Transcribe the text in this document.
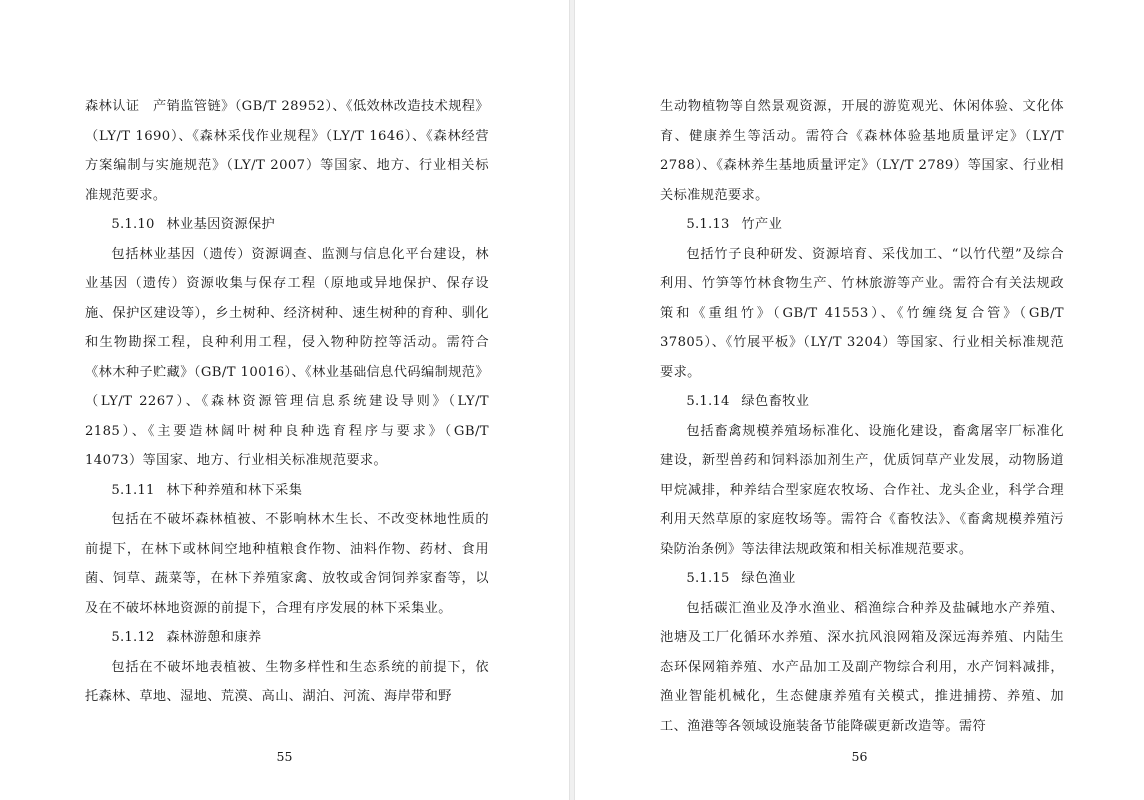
森林认证　产销监管链》（GB/T 28952）、《低效林改造技术规程》（LY/T 1690）、《森林采伐作业规程》（LY/T 1646）、《森林经营方案编制与实施规范》（LY/T 2007）等国家、地方、行业相关标准规范要求。

5.1.10 林业基因资源保护

包括林业基因（遗传）资源调查、监测与信息化平台建设，林业基因（遗传）资源收集与保存工程（原地或异地保护、保存设施、保护区建设等），乡土树种、经济树种、速生树种的育种、驯化和生物勘探工程，良种利用工程，侵入物种防控等活动。需符合《林木种子贮藏》（GB/T 10016）、《林业基础信息代码编制规范》（LY/T 2267）、《森林资源管理信息系统建设导则》（LY/T 2185）、《主要造林阔叶树种良种选育程序与要求》（GB/T 14073）等国家、地方、行业相关标准规范要求。

5.1.11 林下种养殖和林下采集

包括在不破坏森林植被、不影响林木生长、不改变林地性质的前提下，在林下或林间空地种植粮食作物、油料作物、药材、食用菌、饲草、蔬菜等，在林下养殖家禽、放牧或舍饲饲养家畜等，以及在不破坏林地资源的前提下，合理有序发展的林下采集业。

5.1.12 森林游憩和康养

包括在不破坏地表植被、生物多样性和生态系统的前提下，依托森林、草地、湿地、荒漠、高山、湖泊、河流、海岸带和野

55

生动物植物等自然景观资源，开展的游览观光、休闲体验、文化体育、健康养生等活动。需符合《森林体验基地质量评定》（LY/T 2788）、《森林养生基地质量评定》（LY/T 2789）等国家、行业相关标准规范要求。

5.1.13 竹产业

包括竹子良种研发、资源培育、采伐加工、“以竹代塑”及综合利用、竹笋等竹林食物生产、竹林旅游等产业。需符合有关法规政策和《重组竹》（GB/T 41553）、《竹缠绕复合管》（GB/T 37805）、《竹展平板》（LY/T 3204）等国家、行业相关标准规范要求。

5.1.14 绿色畜牧业

包括畜禽规模养殖场标准化、设施化建设，畜禽屠宰厂标准化建设，新型兽药和饲料添加剂生产，优质饲草产业发展，动物肠道甲烷减排，种养结合型家庭农牧场、合作社、龙头企业，科学合理利用天然草原的家庭牧场等。需符合《畜牧法》、《畜禽规模养殖污染防治条例》等法律法规政策和相关标准规范要求。

5.1.15 绿色渔业

包括碳汇渔业及净水渔业、稻渔综合种养及盐碱地水产养殖、池塘及工厂化循环水养殖、深水抗风浪网箱及深远海养殖、内陆生态环保网箱养殖、水产品加工及副产物综合利用，水产饲料减排，渔业智能机械化，生态健康养殖有关模式，推进捕捞、养殖、加工、渔港等各领域设施装备节能降碳更新改造等。需符

56
